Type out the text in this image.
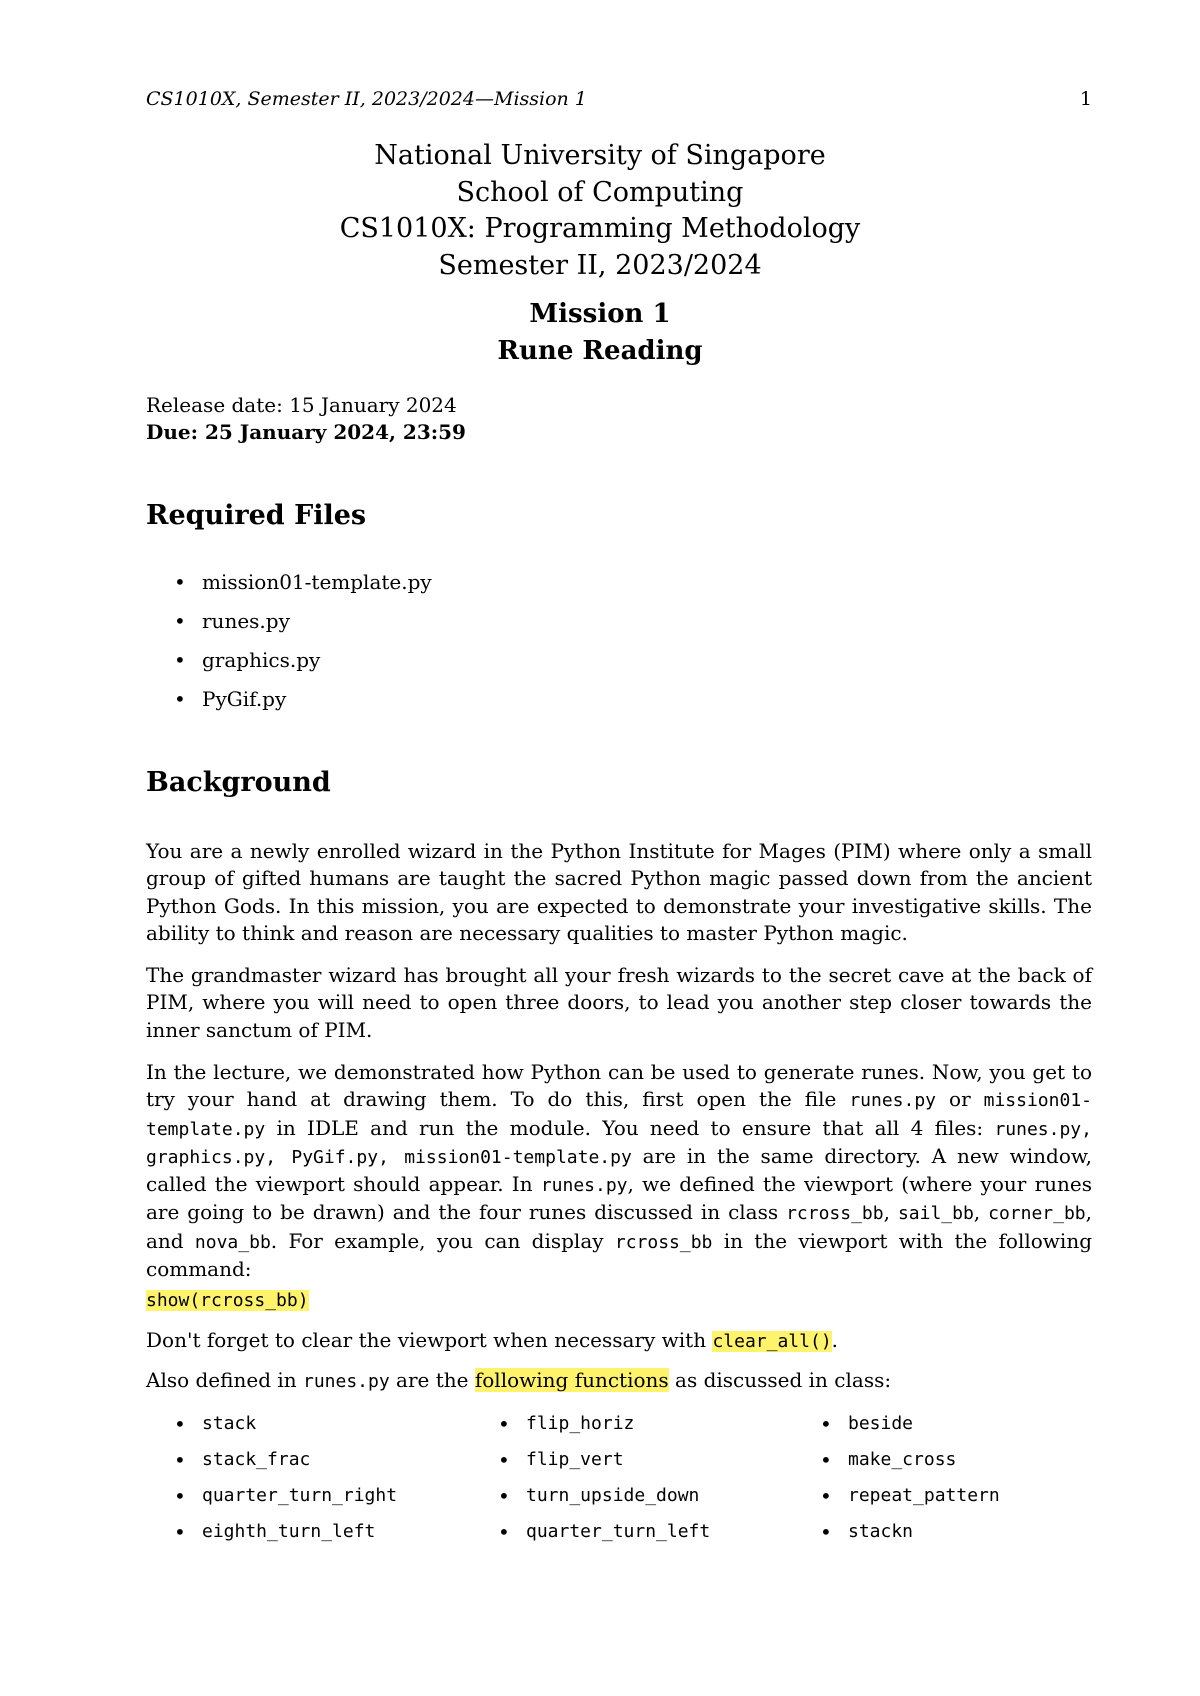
CS1010X, Semester II, 2023/2024—Mission 1	1
National University of Singapore
School of Computing
CS1010X: Programming Methodology
Semester II, 2023/2024
Mission 1
Rune Reading
Release date: 15 January 2024
Due: 25 January 2024, 23:59
Required Files
• mission01-template.py
• runes.py
• graphics.py
• PyGif.py
Background

You are a newly enrolled wizard in the Python Institute for Mages (PIM) where only a small group of gifted humans are taught the sacred Python magic passed down from the ancient Python Gods. In this mission, you are expected to demonstrate your investigative skills. The ability to think and reason are necessary qualities to master Python magic.

The grandmaster wizard has brought all your fresh wizards to the secret cave at the back of PIM, where you will need to open three doors, to lead you another step closer towards the inner sanctum of PIM.

In the lecture, we demonstrated how Python can be used to generate runes. Now, you get to try your hand at drawing them. To do this, first open the file runes.py or mission01-template.py in IDLE and run the module. You need to ensure that all 4 files: runes.py, graphics.py, PyGif.py, mission01-template.py are in the same directory. A new window, called the viewport should appear. In runes.py, we defined the viewport (where your runes are going to be drawn) and the four runes discussed in class rcross_bb, sail_bb, corner_bb, and nova_bb. For example, you can display rcross_bb in the viewport with the following command:

show(rcross_bb)
Don't forget to clear the viewport when necessary with clear_all().
Also defined in runes.py are the following functions as discussed in class:
• stack	• flip_horiz	• beside
• stack_frac	• flip_vert	• make_cross
• quarter_turn_right	• turn_upside_down	• repeat_pattern
• eighth_turn_left	• quarter_turn_left	• stackn
